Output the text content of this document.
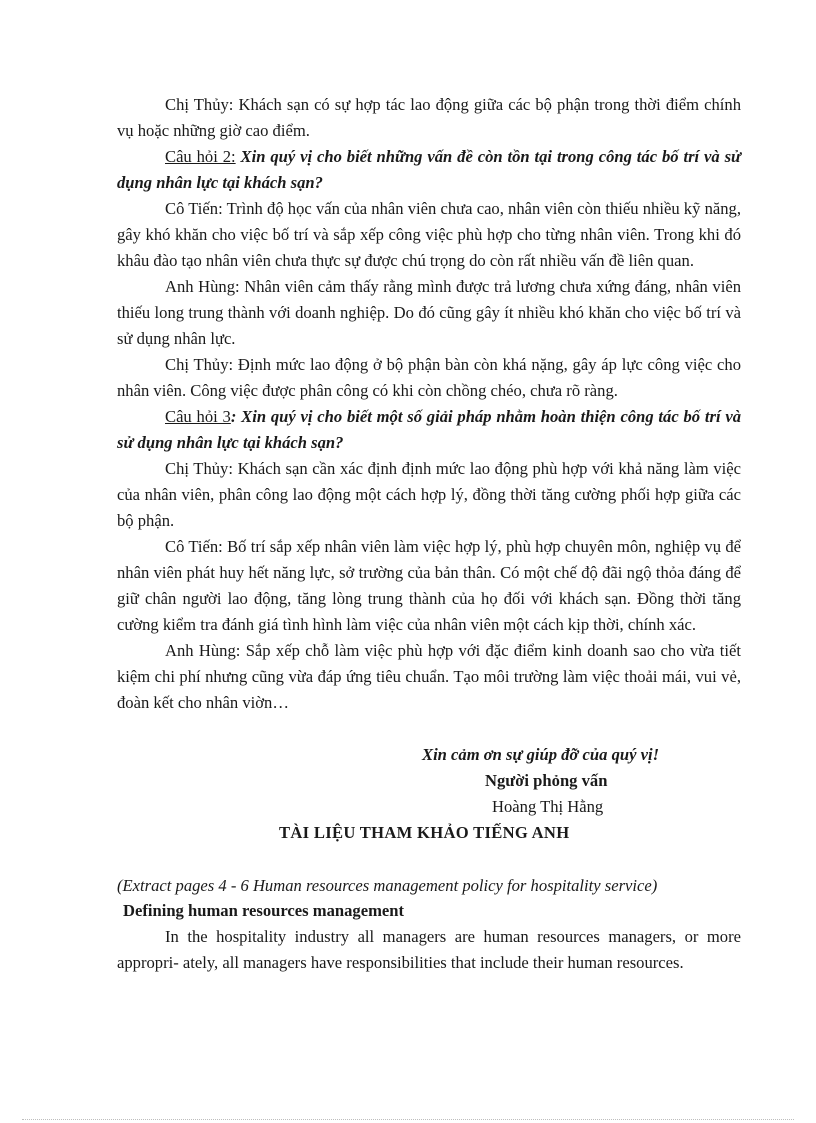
Chị Thủy: Khách sạn có sự hợp tác lao động giữa các bộ phận trong thời điểm chính vụ hoặc những giờ cao điểm.

Câu hỏi 2: Xin quý vị cho biết những vấn đề còn tồn tại trong công tác bố trí và sử dụng nhân lực tại khách sạn?

Cô Tiến: Trình độ học vấn của nhân viên chưa cao, nhân viên còn thiếu nhiều kỹ năng, gây khó khăn cho việc bố trí và sắp xếp công việc phù hợp cho từng nhân viên. Trong khi đó khâu đào tạo nhân viên chưa thực sự được chú trọng do còn rất nhiều vấn đề liên quan.

Anh Hùng: Nhân viên cảm thấy rằng mình được trả lương chưa xứng đáng, nhân viên thiếu long trung thành với doanh nghiệp. Do đó cũng gây ít nhiều khó khăn cho việc bố trí và sử dụng nhân lực.

Chị Thủy: Định mức lao động ở bộ phận bàn còn khá nặng, gây áp lực công việc cho nhân viên. Công việc được phân công có khi còn chồng chéo, chưa rõ ràng.

Câu hỏi 3: Xin quý vị cho biết một số giải pháp nhằm hoàn thiện công tác bố trí và sử dụng nhân lực tại khách sạn?

Chị Thủy: Khách sạn cần xác định định mức lao động phù hợp với khả năng làm việc của nhân viên, phân công lao động một cách hợp lý, đồng thời tăng cường phối hợp giữa các bộ phận.

Cô Tiến: Bố trí sắp xếp nhân viên làm việc hợp lý, phù hợp chuyên môn, nghiệp vụ để nhân viên phát huy hết năng lực, sở trường của bản thân. Có một chế độ đãi ngộ thỏa đáng để giữ chân người lao động, tăng lòng trung thành của họ đối với khách sạn. Đồng thời tăng cường kiểm tra đánh giá tình hình làm việc của nhân viên một cách kịp thời, chính xác.

Anh Hùng: Sắp xếp chỗ làm việc phù hợp với đặc điểm kinh doanh sao cho vừa tiết kiệm chi phí nhưng cũng vừa đáp ứng tiêu chuẩn. Tạo môi trường làm việc thoải mái, vui vẻ, đoàn kết cho nhân viờn…

Xin cảm ơn sự giúp đỡ của quý vị!

Người phỏng vấn

Hoàng Thị Hằng

TÀI LIỆU THAM KHẢO TIẾNG ANH

(Extract pages 4 - 6 Human resources management policy for hospitality service)

Defining human resources management

In the hospitality industry all managers are human resources managers, or more appropri- ately, all managers have responsibilities that include their human resources.
